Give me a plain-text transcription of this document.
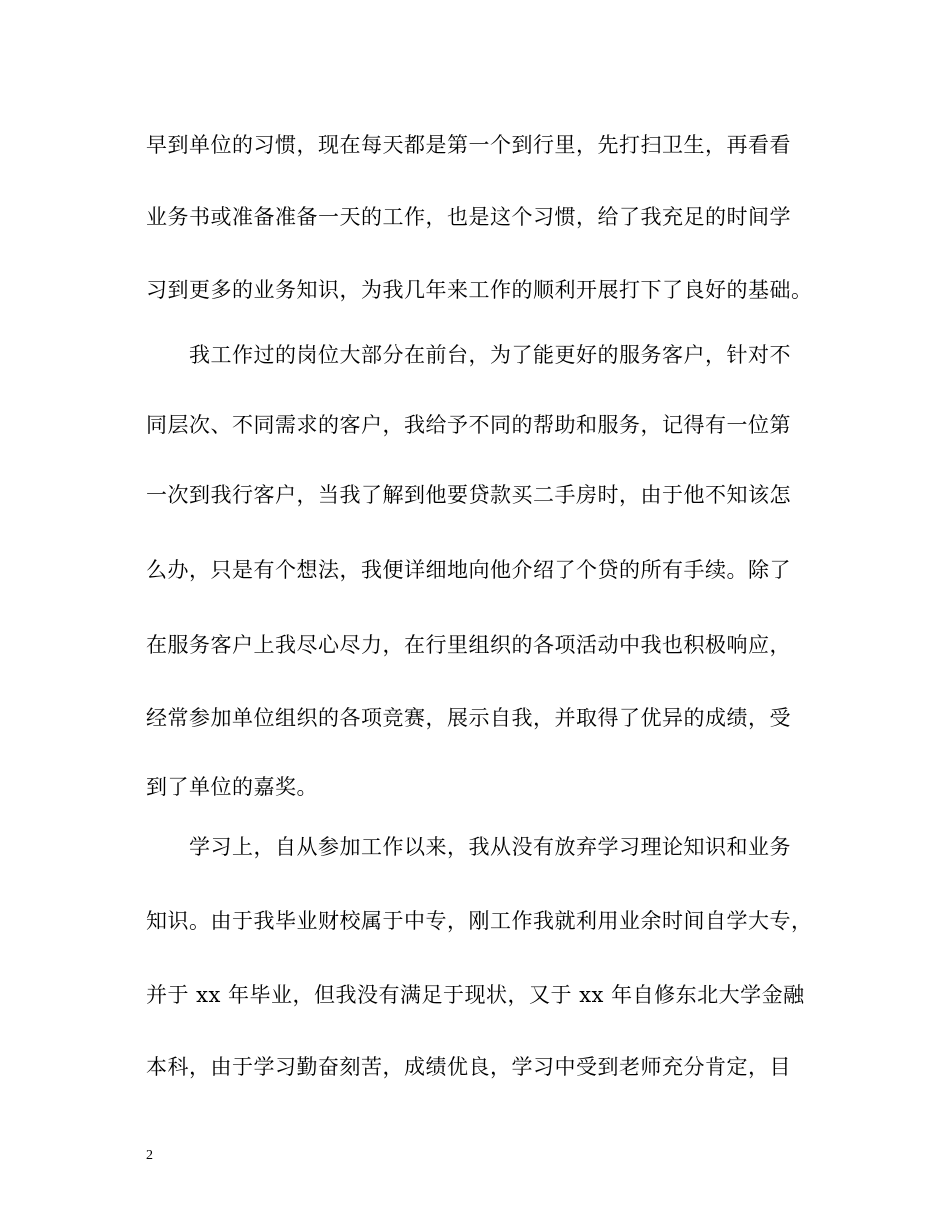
早到单位的习惯，现在每天都是第一个到行里，先打扫卫生，再看看
业务书或准备准备一天的工作，也是这个习惯，给了我充足的时间学
习到更多的业务知识，为我几年来工作的顺利开展打下了良好的基础。
我工作过的岗位大部分在前台，为了能更好的服务客户，针对不
同层次、不同需求的客户，我给予不同的帮助和服务，记得有一位第
一次到我行客户，当我了解到他要贷款买二手房时，由于他不知该怎
么办，只是有个想法，我便详细地向他介绍了个贷的所有手续。除了
在服务客户上我尽心尽力，在行里组织的各项活动中我也积极响应，
经常参加单位组织的各项竞赛，展示自我，并取得了优异的成绩，受
到了单位的嘉奖。
学习上，自从参加工作以来，我从没有放弃学习理论知识和业务
知识。由于我毕业财校属于中专，刚工作我就利用业余时间自学大专，
并于 xx 年毕业，但我没有满足于现状，又于 xx 年自修东北大学金融
本科，由于学习勤奋刻苦，成绩优良，学习中受到老师充分肯定，目
2
